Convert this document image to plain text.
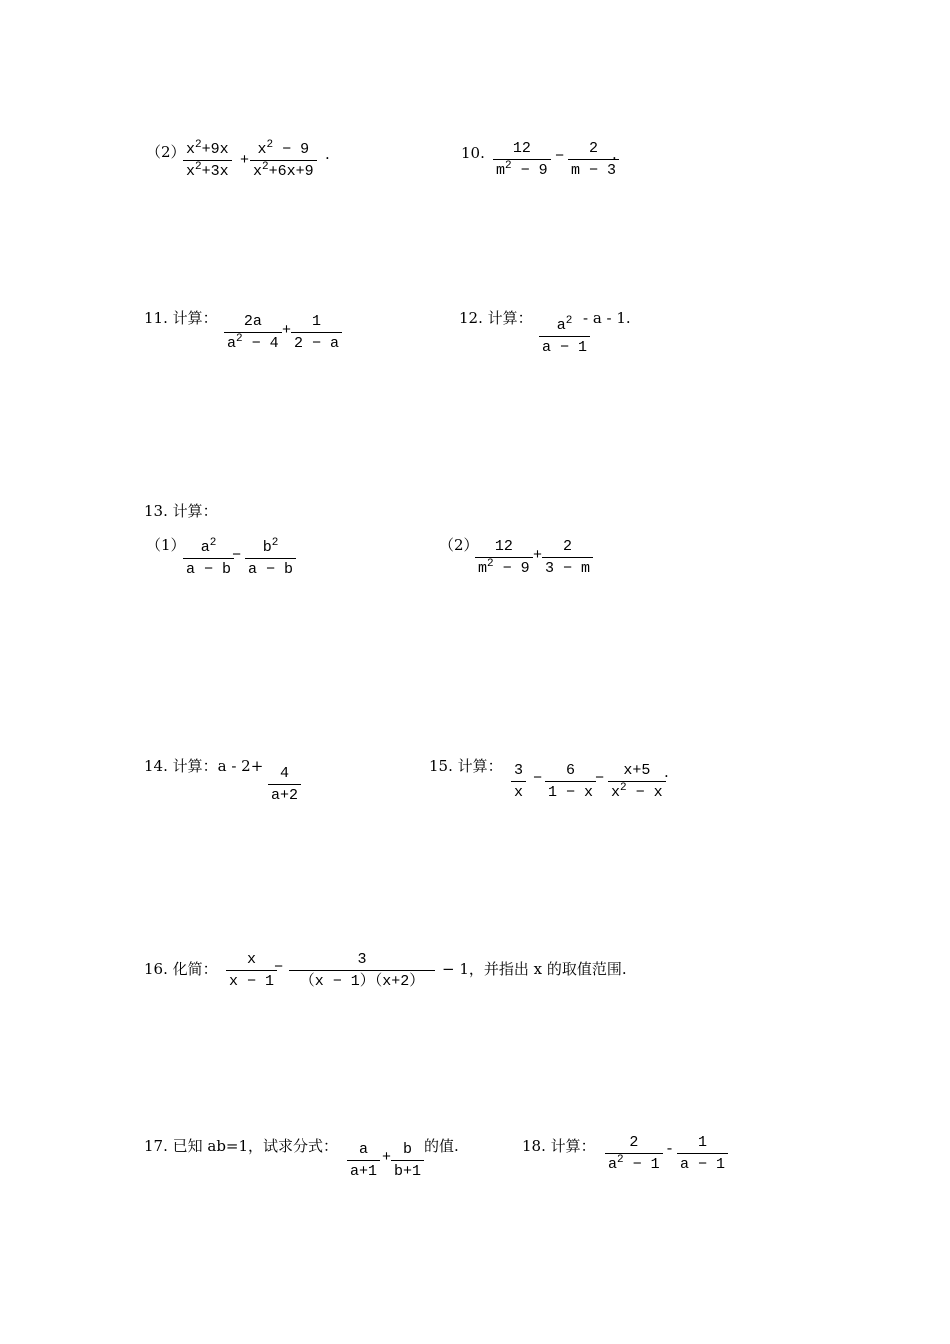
（2） $x^2+9x$
$x^2+3x$
+
$x^2 - 9$
$x^2+6x+9$
.	10. 12
$m^2 - 9$
− 2
m − 3
.
11. 计算： 2a
$a^2 - 4$
+
1
2 − a
12. 计算： $a^2$
a − 1
- a - 1.
13. 计算：
（1） $a^2$
a − b
− $b^2$
a − b
（2） 12
$m^2 - 9$
+
2
3 − m
14. 计算：a - 2+ 4
a+2
15. 计算： 3
x
− 6
1 − x
− x+5
$x^2 - x$
.
16. 化简：
x
x − 1
−	3
（x − 1）（x+2）
− 1，并指出 x 的取值范围.
17. 已知 ab=1，试求分式： a
a+1
+ b
b+1
的值.	18. 计算： 2
$a^2 - 1$
- 1
a − 1
